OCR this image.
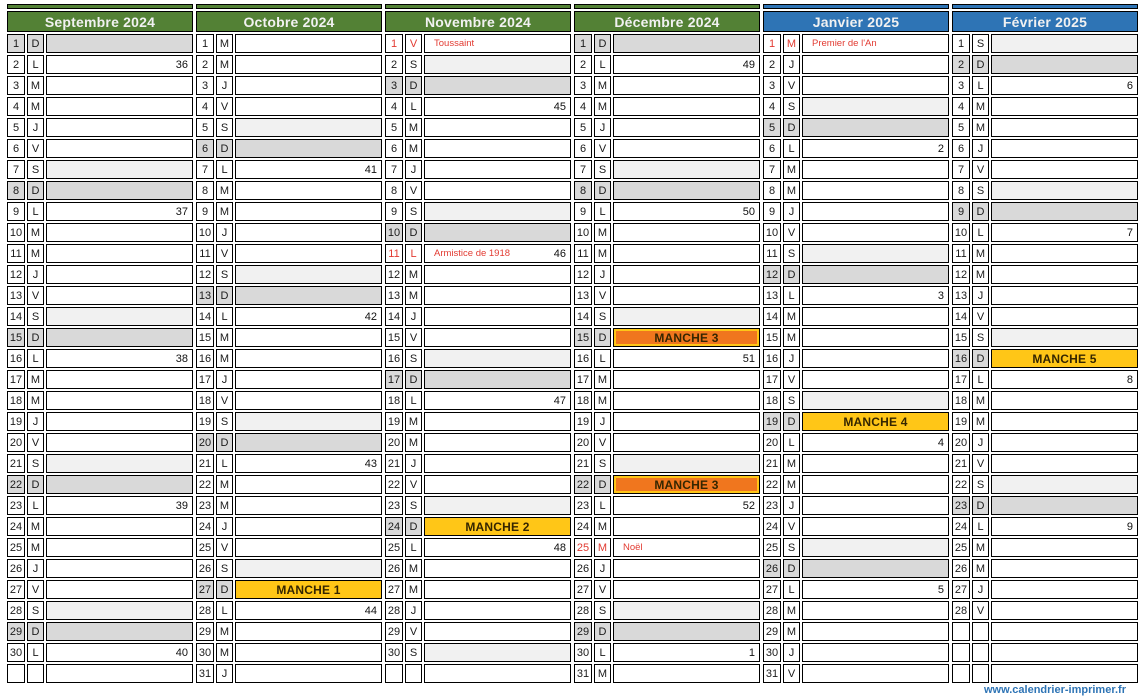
Septembre 2024
1	D
2	L	36
3	M
4	M
5	J
6	V
7	S
8	D
9	L	37
10 M
11 M
12 J
13 V
14 S
15 D
16 L	38
17 M
18 M
19 J
20 V
21 S
22 D
23 L	39
24 M
25 M
26 J
27 V
28 S
29 D
30 L	40
Octobre 2024
1	M
2	M
3	J
4	V
5	S
6	D
7	L	41
8	M
9	M
10 J
11 V
12 S
13 D
14 L	42
15 M
16 M
17 J
18 V
19 S
20 D
21 L	43
22 M
23 M
24 J
25 V
26 S
27 D	MANCHE 1
28 L	44
29 M
30 M
31 J
Novembre 2024
1	V	Toussaint
2	S
3	D
4	L	45
5	M
6	M
7	J
8	V
9	S
10 D
11 L	Armistice de 1918	46
12 M
13 M
14 J
15 V
16 S
17 D
18 L	47
19 M
20 M
21 J
22 V
23 S
24 D	MANCHE 2
25 L	48
26 M
27 M
28 J
29 V
30 S
Décembre 2024
1	D
2	L	49
3	M
4	M
5	J
6	V
7	S
8	D
9	L	50
10 M
11 M
12 J
13 V
14 S
15 D	MANCHE 3
16 L	51
17 M
18 M
19 J
20 V
21 S
22 D	MANCHE 3
23 L	52
24 M
25 M	Noël
26 J
27 V
28 S
29 D
30 L	1
31 M
Janvier 2025
1	M	Premier de l'An
2	J
3	V
4	S
5	D
6	L	2
7	M
8	M
9	J
10 V
11 S
12 D
13 L	3
14 M
15 M
16 J
17 V
18 S
19 D	MANCHE 4
20 L	4
21 M
22 M
23 J
24 V
25 S
26 D
27 L	5
28 M
29 M
30 J
31 V
Février 2025
1	S
2	D
3	L	6
4	M
5	M
6	J
7	V
8	S
9	D
10 L	7
11 M
12 M
13 J
14 V
15 S
16 D	MANCHE 5
17 L	8
18 M
19 M
20 J
21 V
22 S
23 D
24 L	9
25 M
26 M
27 J
28 V
www.calendrier-imprimer.fr
